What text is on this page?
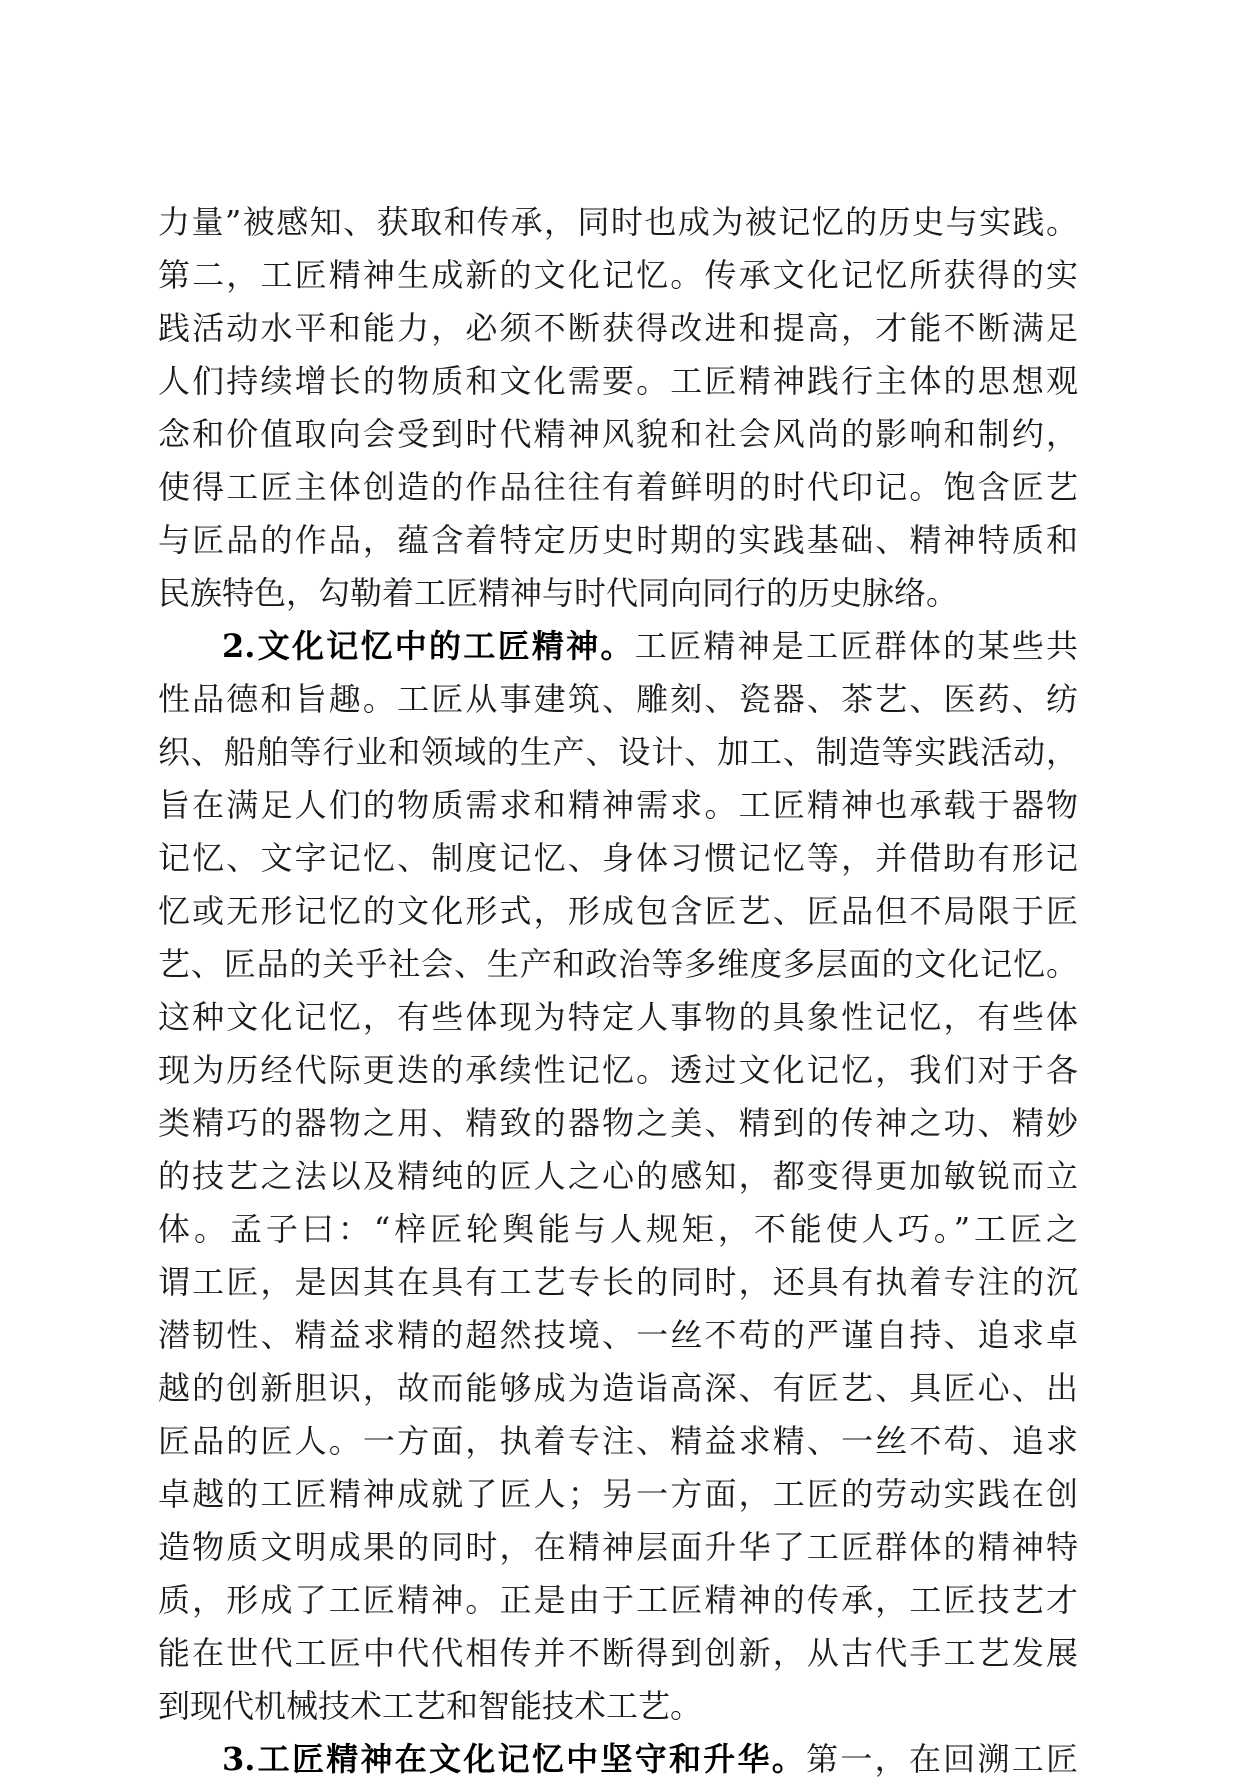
力量”被感知、获取和传承，同时也成为被记忆的历史与实践。
第二，工匠精神生成新的文化记忆。传承文化记忆所获得的实
践活动水平和能力，必须不断获得改进和提高，才能不断满足
人们持续增长的物质和文化需要。工匠精神践行主体的思想观
念和价值取向会受到时代精神风貌和社会风尚的影响和制约，
使得工匠主体创造的作品往往有着鲜明的时代印记。饱含匠艺
与匠品的作品，蕴含着特定历史时期的实践基础、精神特质和
民族特色，勾勒着工匠精神与时代同向同行的历史脉络。
2.文化记忆中的工匠精神。工匠精神是工匠群体的某些共
性品德和旨趣。工匠从事建筑、雕刻、瓷器、茶艺、医药、纺
织、船舶等行业和领域的生产、设计、加工、制造等实践活动，
旨在满足人们的物质需求和精神需求。工匠精神也承载于器物
记忆、文字记忆、制度记忆、身体习惯记忆等，并借助有形记
忆或无形记忆的文化形式，形成包含匠艺、匠品但不局限于匠
艺、匠品的关乎社会、生产和政治等多维度多层面的文化记忆。
这种文化记忆，有些体现为特定人事物的具象性记忆，有些体
现为历经代际更迭的承续性记忆。透过文化记忆，我们对于各
类精巧的器物之用、精致的器物之美、精到的传神之功、精妙
的技艺之法以及精纯的匠人之心的感知，都变得更加敏锐而立
体。孟子曰：“梓匠轮舆能与人规矩，不能使人巧。”工匠之
谓工匠，是因其在具有工艺专长的同时，还具有执着专注的沉
潜韧性、精益求精的超然技境、一丝不苟的严谨自持、追求卓
越的创新胆识，故而能够成为造诣高深、有匠艺、具匠心、出
匠品的匠人。一方面，执着专注、精益求精、一丝不苟、追求
卓越的工匠精神成就了匠人；另一方面，工匠的劳动实践在创
造物质文明成果的同时，在精神层面升华了工匠群体的精神特
质，形成了工匠精神。正是由于工匠精神的传承，工匠技艺才
能在世代工匠中代代相传并不断得到创新，从古代手工艺发展
到现代机械技术工艺和智能技术工艺。
3.工匠精神在文化记忆中坚守和升华。第一，在回溯工匠
